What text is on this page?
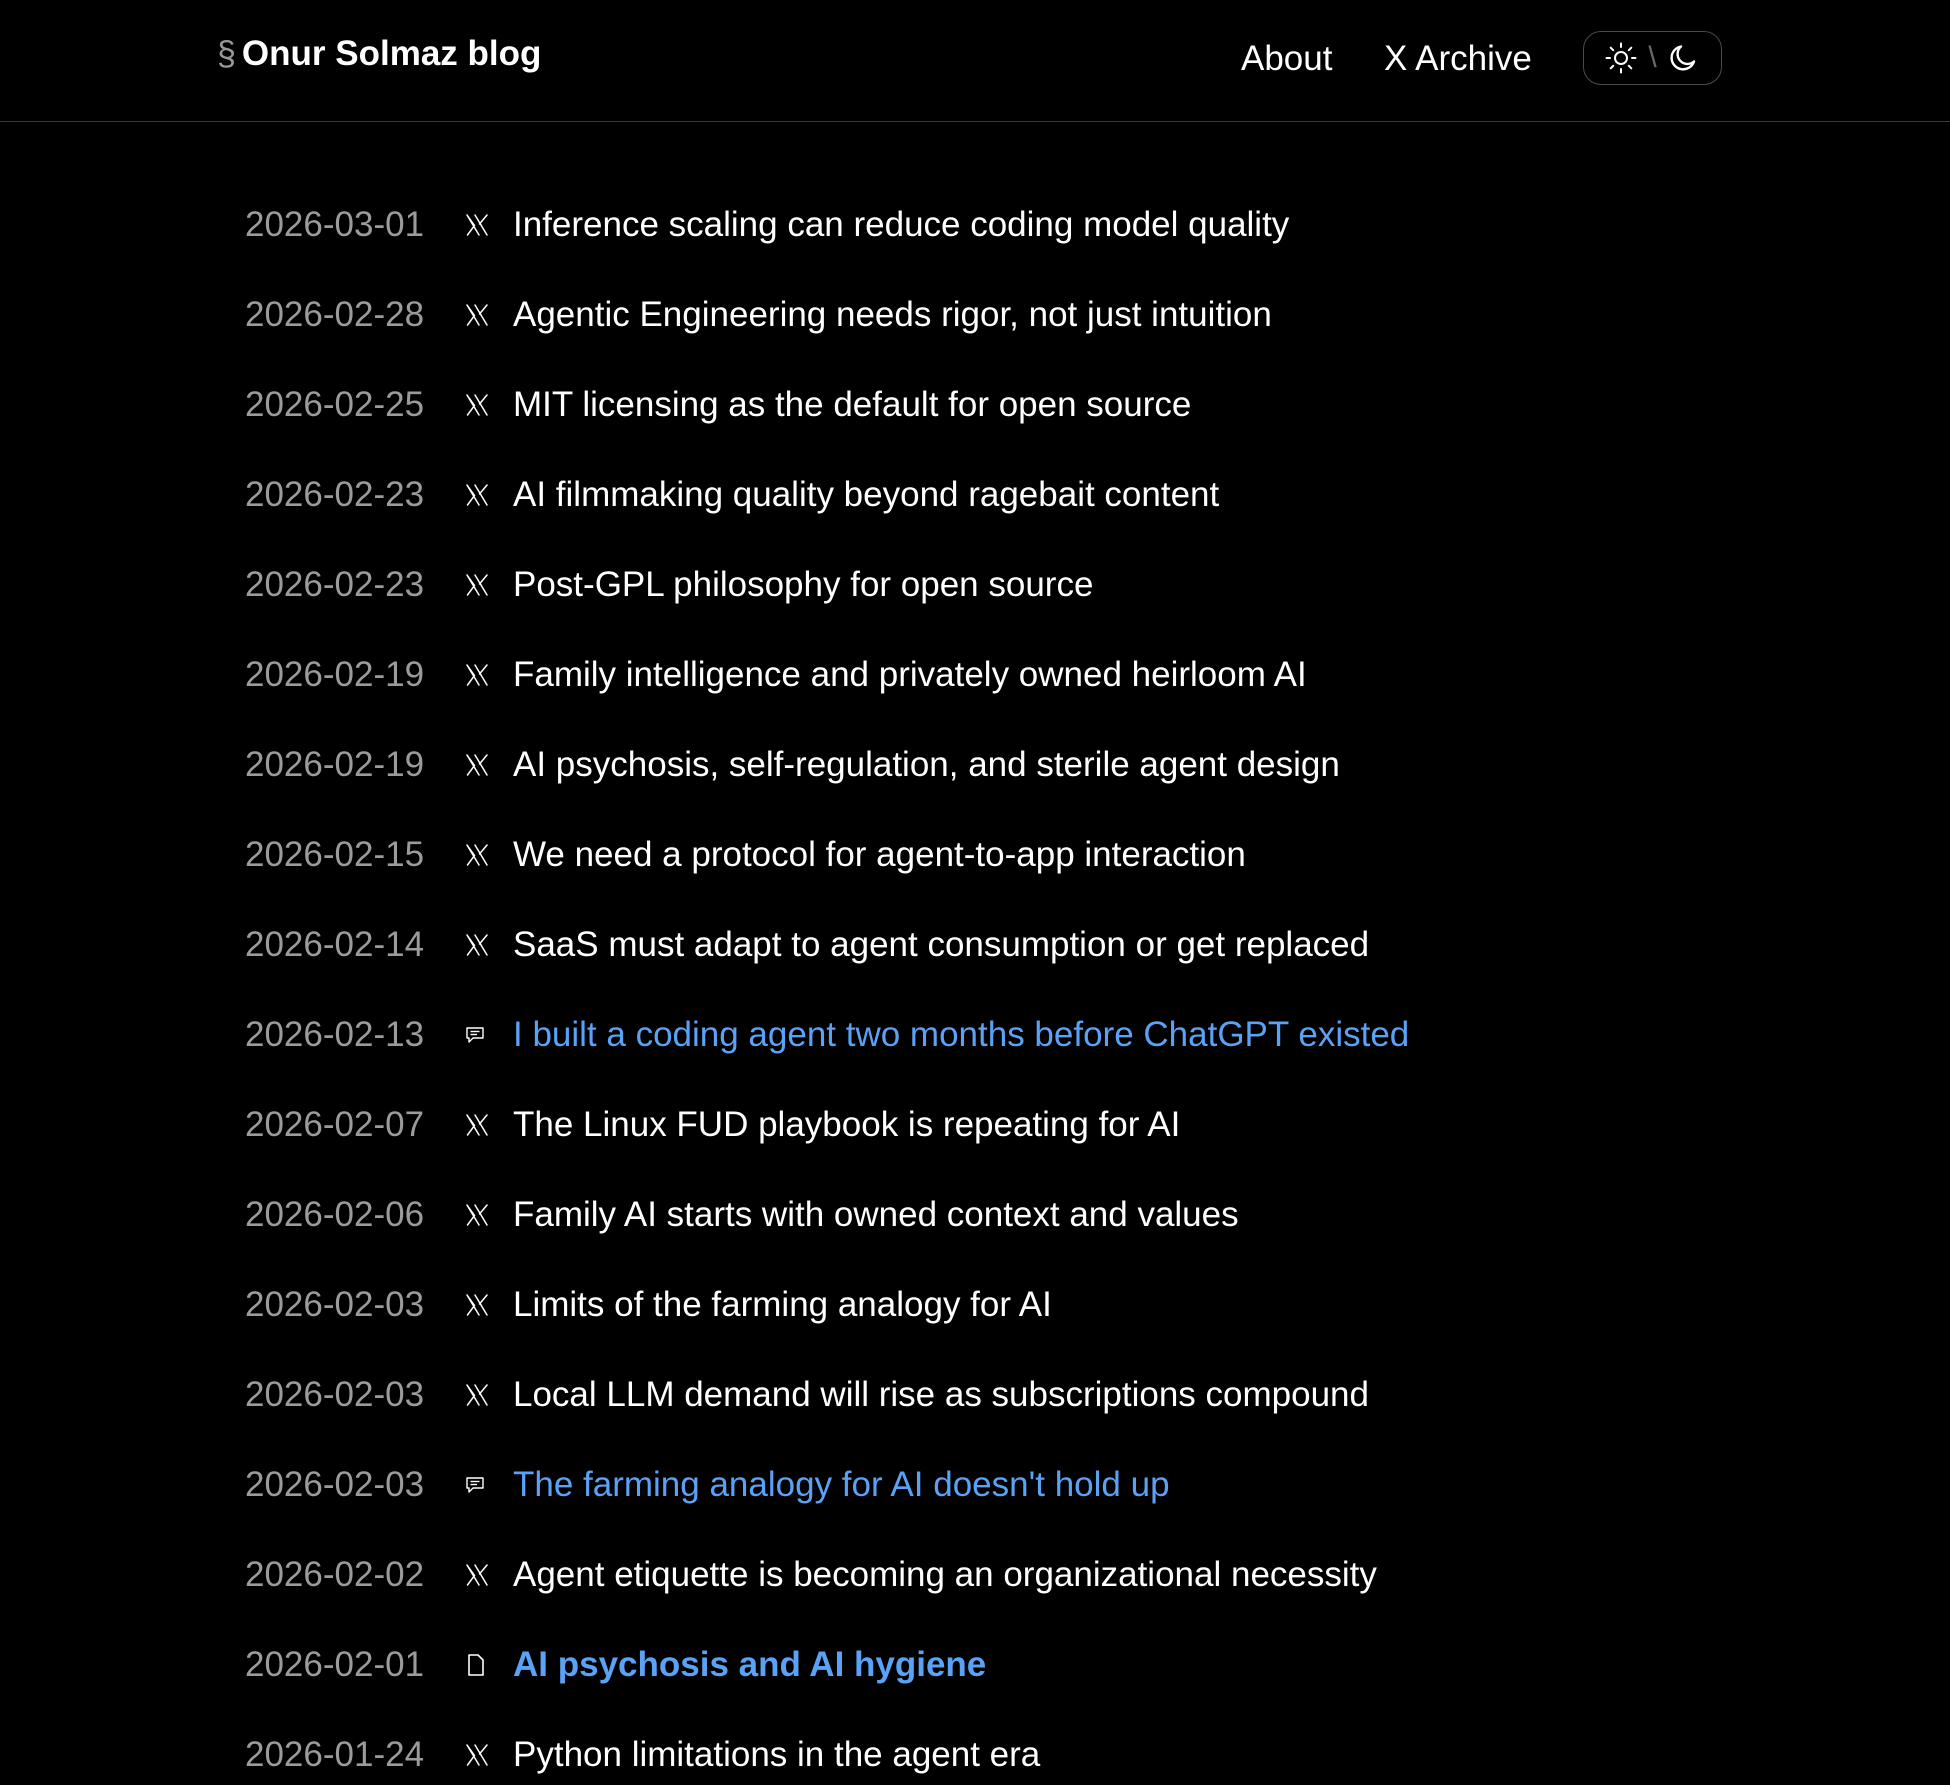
§ Onur Solmaz blog	About X Archive	\
2026-03-01	Inference scaling can reduce coding model quality
2026-02-28	Agentic Engineering needs rigor, not just intuition
2026-02-25	MIT licensing as the default for open source
2026-02-23	AI filmmaking quality beyond ragebait content
2026-02-23	Post-GPL philosophy for open source
2026-02-19	Family intelligence and privately owned heirloom AI
2026-02-19	AI psychosis, self-regulation, and sterile agent design
2026-02-15	We need a protocol for agent-to-app interaction
2026-02-14	SaaS must adapt to agent consumption or get replaced
2026-02-13	I built a coding agent two months before ChatGPT existed
2026-02-07	The Linux FUD playbook is repeating for AI
2026-02-06	Family AI starts with owned context and values
2026-02-03	Limits of the farming analogy for AI
2026-02-03	Local LLM demand will rise as subscriptions compound
2026-02-03	The farming analogy for AI doesn't hold up
2026-02-02	Agent etiquette is becoming an organizational necessity
2026-02-01	AI psychosis and AI hygiene
2026-01-24	Python limitations in the agent era
